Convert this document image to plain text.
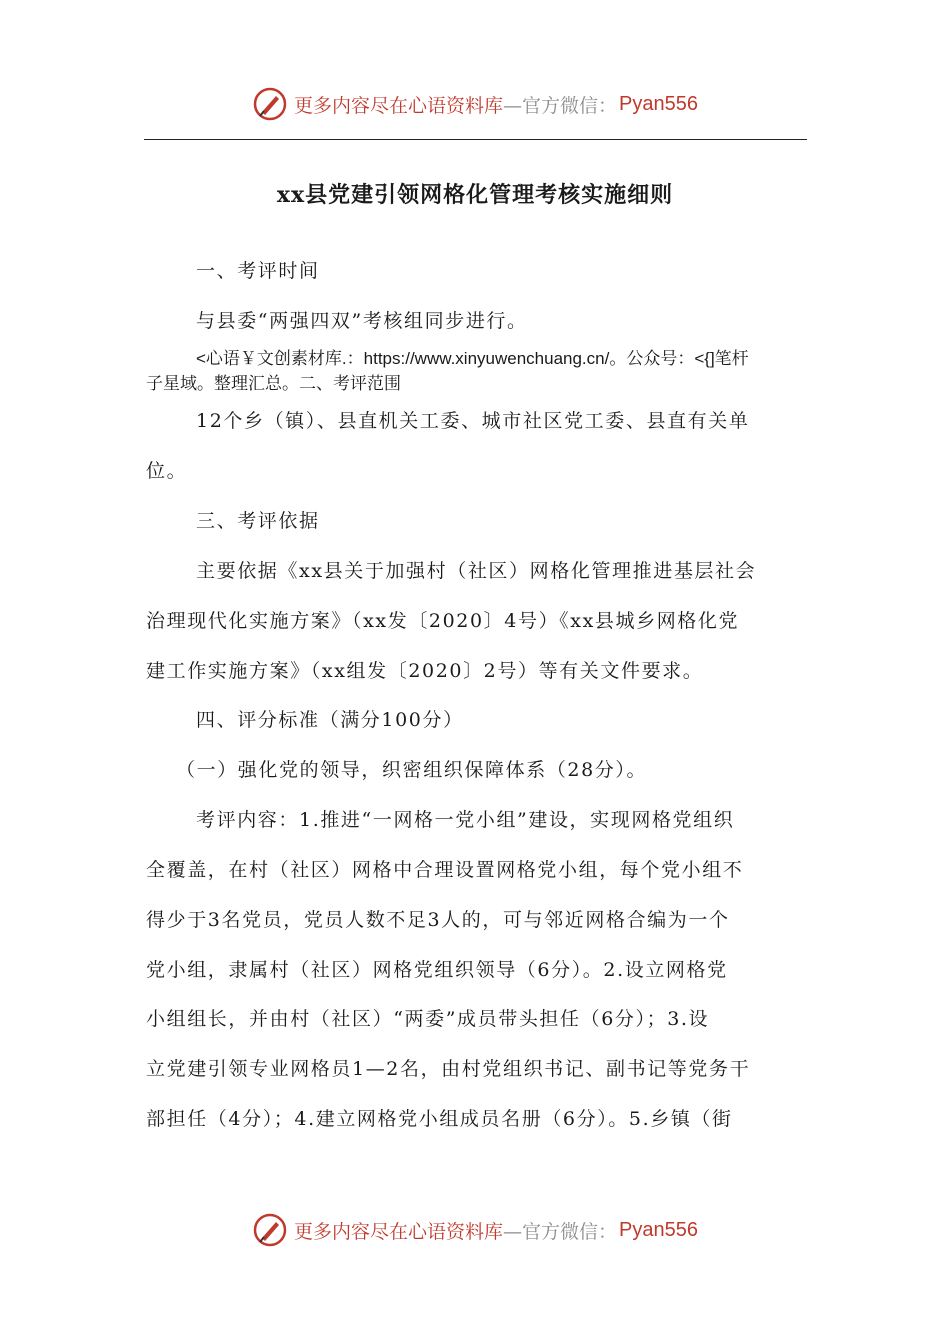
更多内容尽在心语资料库 —官方微信： Pyan556
xx县党建引领网格化管理考核实施细则
一、考评时间
与县委“两强四双”考核组同步进行。
<心语￥文创素材库.：https://www.xinyuwenchuang.cn/。公众号：<{]笔杆
子星域。整理汇总。二、考评范围
12个乡（镇）、县直机关工委、城市社区党工委、县直有关单
位。
三、考评依据
主要依据《xx县关于加强村（社区）网格化管理推进基层社会
治理现代化实施方案》（xx发〔2020〕4号）《xx县城乡网格化党
建工作实施方案》（xx组发〔2020〕2号）等有关文件要求。
四、评分标准（满分100分）
（一）强化党的领导，织密组织保障体系（28分）。
考评内容：1.推进“一网格一党小组”建设，实现网格党组织
全覆盖，在村（社区）网格中合理设置网格党小组，每个党小组不
得少于3名党员，党员人数不足3人的，可与邻近网格合编为一个
党小组，隶属村（社区）网格党组织领导（6分）。2.设立网格党
小组组长，并由村（社区）“两委”成员带头担任（6分）；3.设
立党建引领专业网格员1—2名，由村党组织书记、副书记等党务干
部担任（4分）；4.建立网格党小组成员名册（6分）。5.乡镇（街
更多内容尽在心语资料库 —官方微信： Pyan556
